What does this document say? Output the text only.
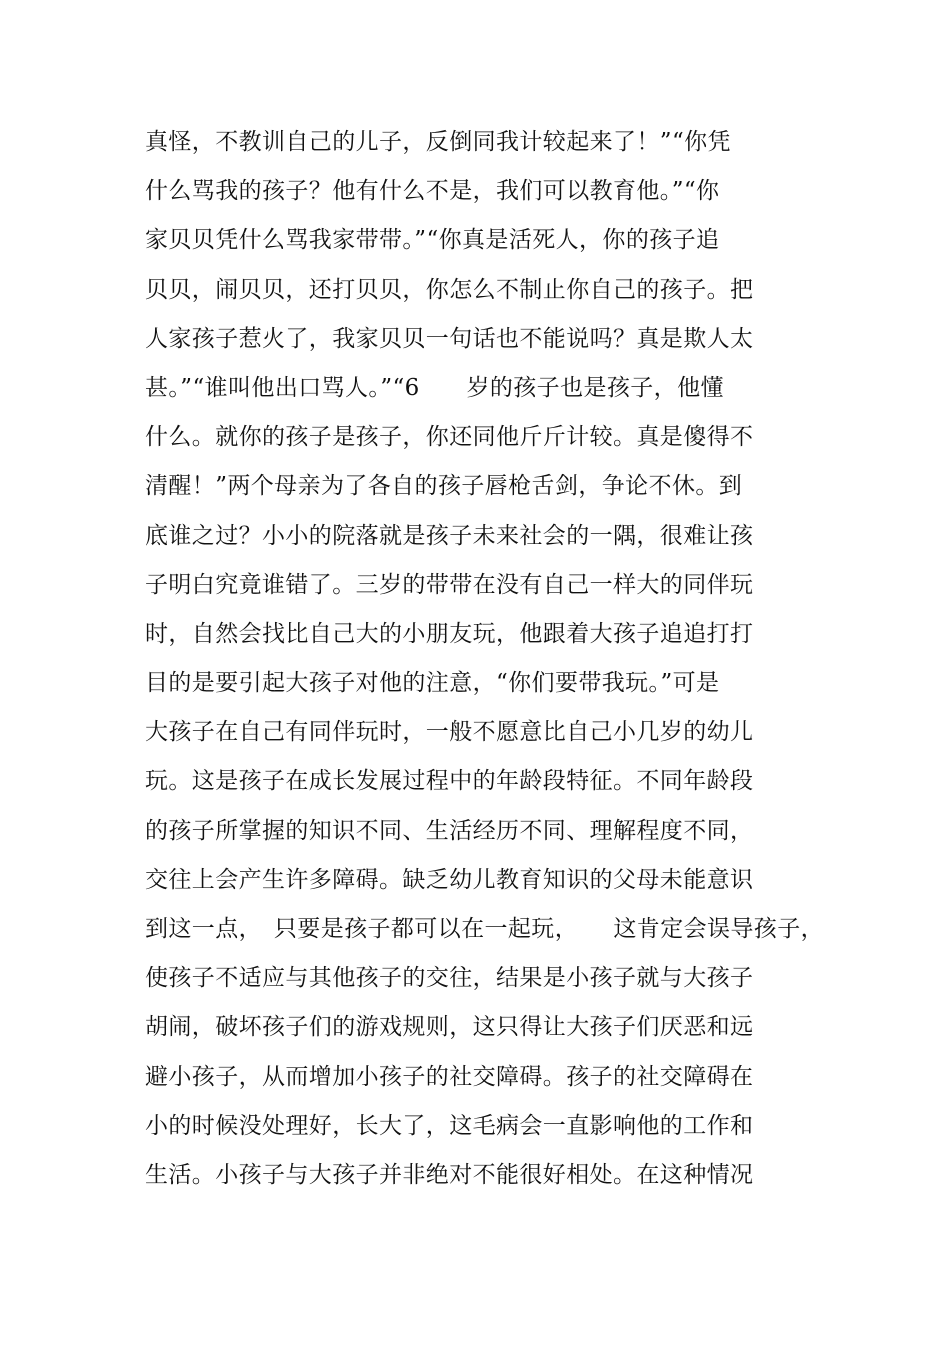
真怪，不教训自己的儿子，反倒同我计较起来了！”“你凭
什么骂我的孩子？他有什么不是，我们可以教育他。”“你
家贝贝凭什么骂我家带带。”“你真是活死人，你的孩子追
贝贝，闹贝贝，还打贝贝，你怎么不制止你自己的孩子。把
人家孩子惹火了，我家贝贝一句话也不能说吗？真是欺人太
甚。”“谁叫他出口骂人。”“6　　岁的孩子也是孩子，他懂
什么。就你的孩子是孩子，你还同他斤斤计较。真是傻得不
清醒！”两个母亲为了各自的孩子唇枪舌剑，争论不休。到
底谁之过？小小的院落就是孩子未来社会的一隅，很难让孩
子明白究竟谁错了。三岁的带带在没有自己一样大的同伴玩
时，自然会找比自己大的小朋友玩，他跟着大孩子追追打打
目的是要引起大孩子对他的注意，“你们要带我玩。”可是
大孩子在自己有同伴玩时，一般不愿意比自己小几岁的幼儿
玩。这是孩子在成长发展过程中的年龄段特征。不同年龄段
的孩子所掌握的知识不同、生活经历不同、理解程度不同，
交往上会产生许多障碍。缺乏幼儿教育知识的父母未能意识
到这一点，　只要是孩子都可以在一起玩，　　这肯定会误导孩子，
使孩子不适应与其他孩子的交往，结果是小孩子就与大孩子
胡闹，破坏孩子们的游戏规则，这只得让大孩子们厌恶和远
避小孩子，从而增加小孩子的社交障碍。孩子的社交障碍在
小的时候没处理好，长大了，这毛病会一直影响他的工作和
生活。小孩子与大孩子并非绝对不能很好相处。在这种情况
